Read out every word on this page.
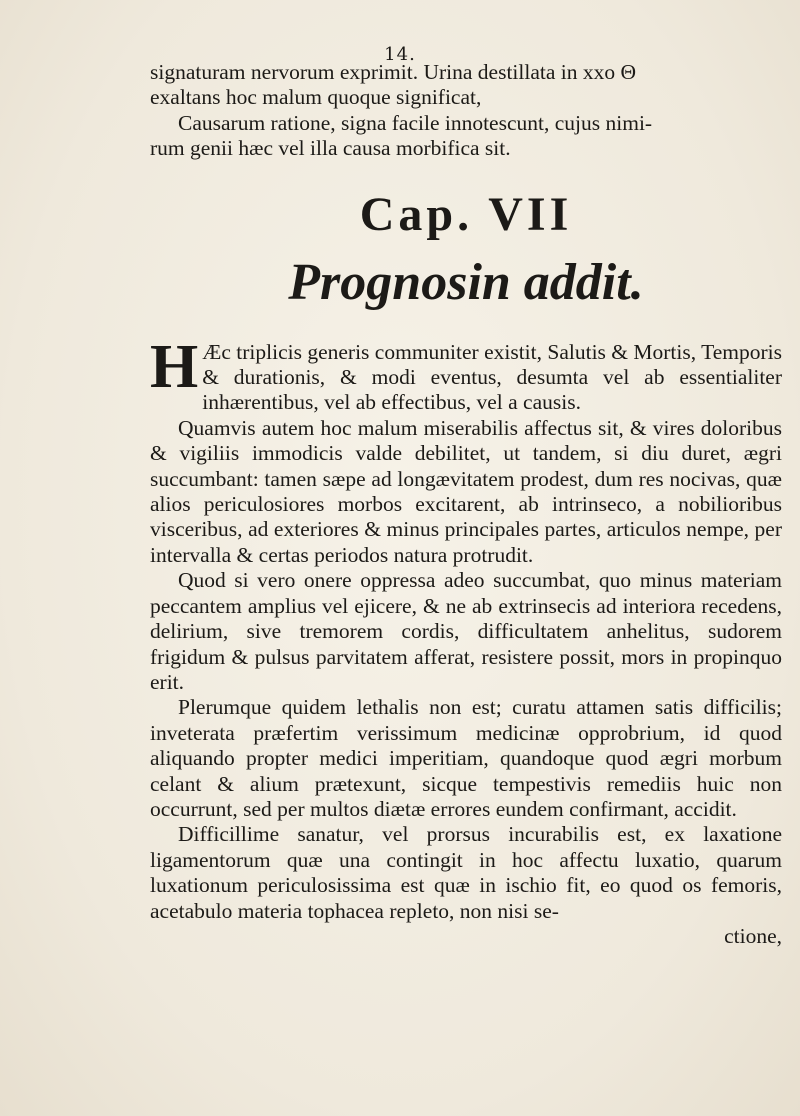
14.

signaturam nervorum exprimit. Urina destillata in xxo Θ

exaltans hoc malum quoque significat,

Causarum ratione, signa facile innotescunt, cujus nimi-

rum genii hæc vel illa causa morbifica sit.

Cap. VII
Prognosin addit.

H Æc triplicis generis communiter existit, Salutis & Mortis, Temporis & durationis, & modi eventus, desumta vel ab essentialiter inhærentibus, vel ab effectibus, vel a causis.

Quamvis autem hoc malum miserabilis affectus sit, & vires doloribus & vigiliis immodicis valde debilitet, ut tandem, si diu duret, ægri succumbant: tamen sæpe ad longævitatem prodest, dum res nocivas, quæ alios periculosiores morbos excitarent, ab intrinseco, a nobilioribus visceribus, ad exteriores & minus principales partes, articulos nempe, per intervalla & certas periodos natura protrudit.

Quod si vero onere oppressa adeo succumbat, quo minus materiam peccantem amplius vel ejicere, & ne ab extrinsecis ad interiora recedens, delirium, sive tremorem cordis, difficultatem anhelitus, sudorem frigidum & pulsus parvitatem afferat, resistere possit, mors in propinquo erit.

Plerumque quidem lethalis non est; curatu attamen satis difficilis; inveterata præfertim verissimum medicinæ opprobrium, id quod aliquando propter medici imperitiam, quandoque quod ægri morbum celant & alium prætexunt, sicque tempestivis remediis huic non occurrunt, sed per multos diætæ errores eundem confirmant, accidit.

Difficillime sanatur, vel prorsus incurabilis est, ex laxatione ligamentorum quæ una contingit in hoc affectu luxatio, quarum luxationum periculosissima est quæ in ischio fit, eo quod os femoris, acetabulo materia tophacea repleto, non nisi se-

ctione,
